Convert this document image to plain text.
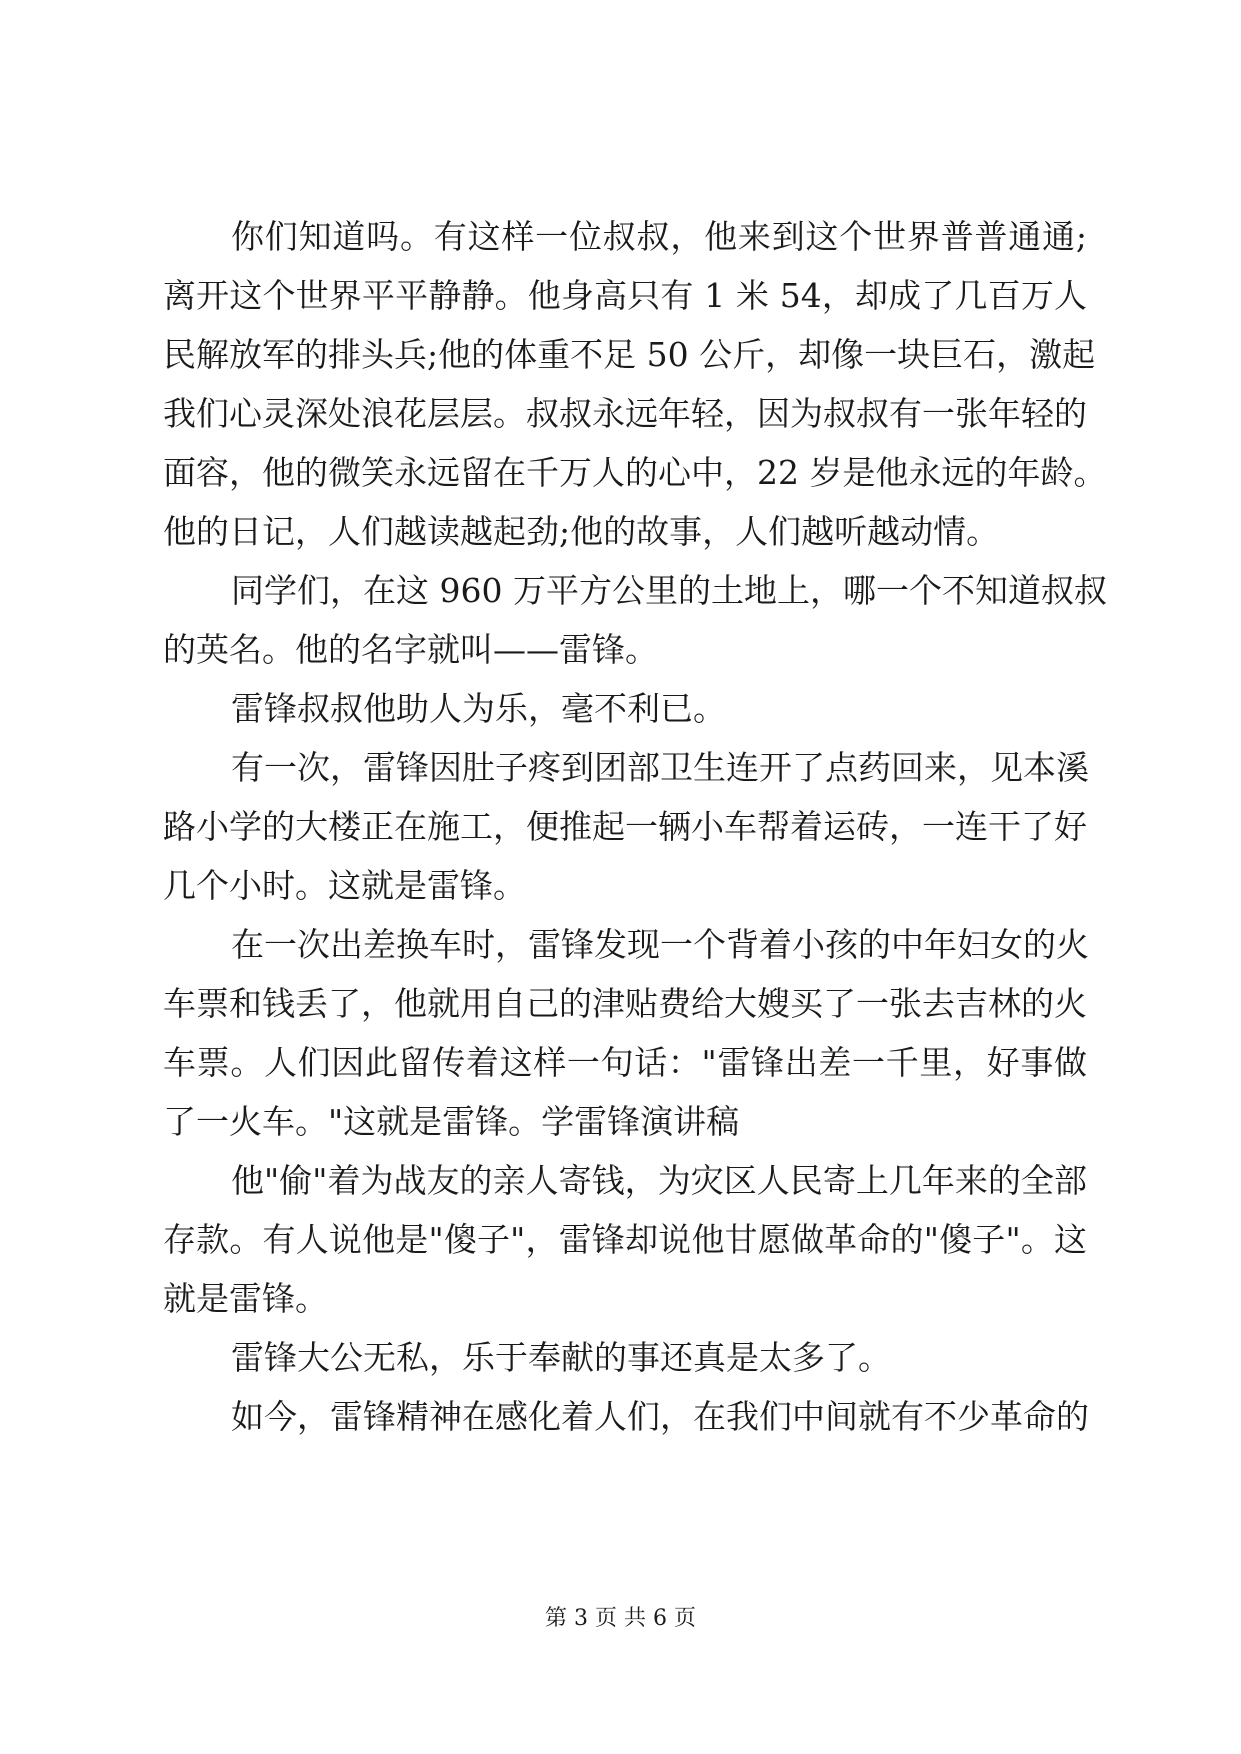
你们知道吗。有这样一位叔叔，他来到这个世界普普通通;
离开这个世界平平静静。他身高只有 1 米 54，却成了几百万人
民解放军的排头兵;他的体重不足 50 公斤，却像一块巨石，激起
我们心灵深处浪花层层。叔叔永远年轻，因为叔叔有一张年轻的
面容，他的微笑永远留在千万人的心中，22 岁是他永远的年龄。
他的日记，人们越读越起劲;他的故事，人们越听越动情。
同学们，在这 960 万平方公里的土地上，哪一个不知道叔叔
的英名。他的名字就叫——雷锋。
雷锋叔叔他助人为乐，毫不利已。
有一次，雷锋因肚子疼到团部卫生连开了点药回来，见本溪
路小学的大楼正在施工，便推起一辆小车帮着运砖，一连干了好
几个小时。这就是雷锋。
在一次出差换车时，雷锋发现一个背着小孩的中年妇女的火
车票和钱丢了，他就用自己的津贴费给大嫂买了一张去吉林的火
车票。人们因此留传着这样一句话："雷锋出差一千里，好事做
了一火车。"这就是雷锋。学雷锋演讲稿
他"偷"着为战友的亲人寄钱，为灾区人民寄上几年来的全部
存款。有人说他是"傻子"，雷锋却说他甘愿做革命的"傻子"。这
就是雷锋。
雷锋大公无私，乐于奉献的事还真是太多了。
如今，雷锋精神在感化着人们，在我们中间就有不少革命的
第 3 页 共 6 页
